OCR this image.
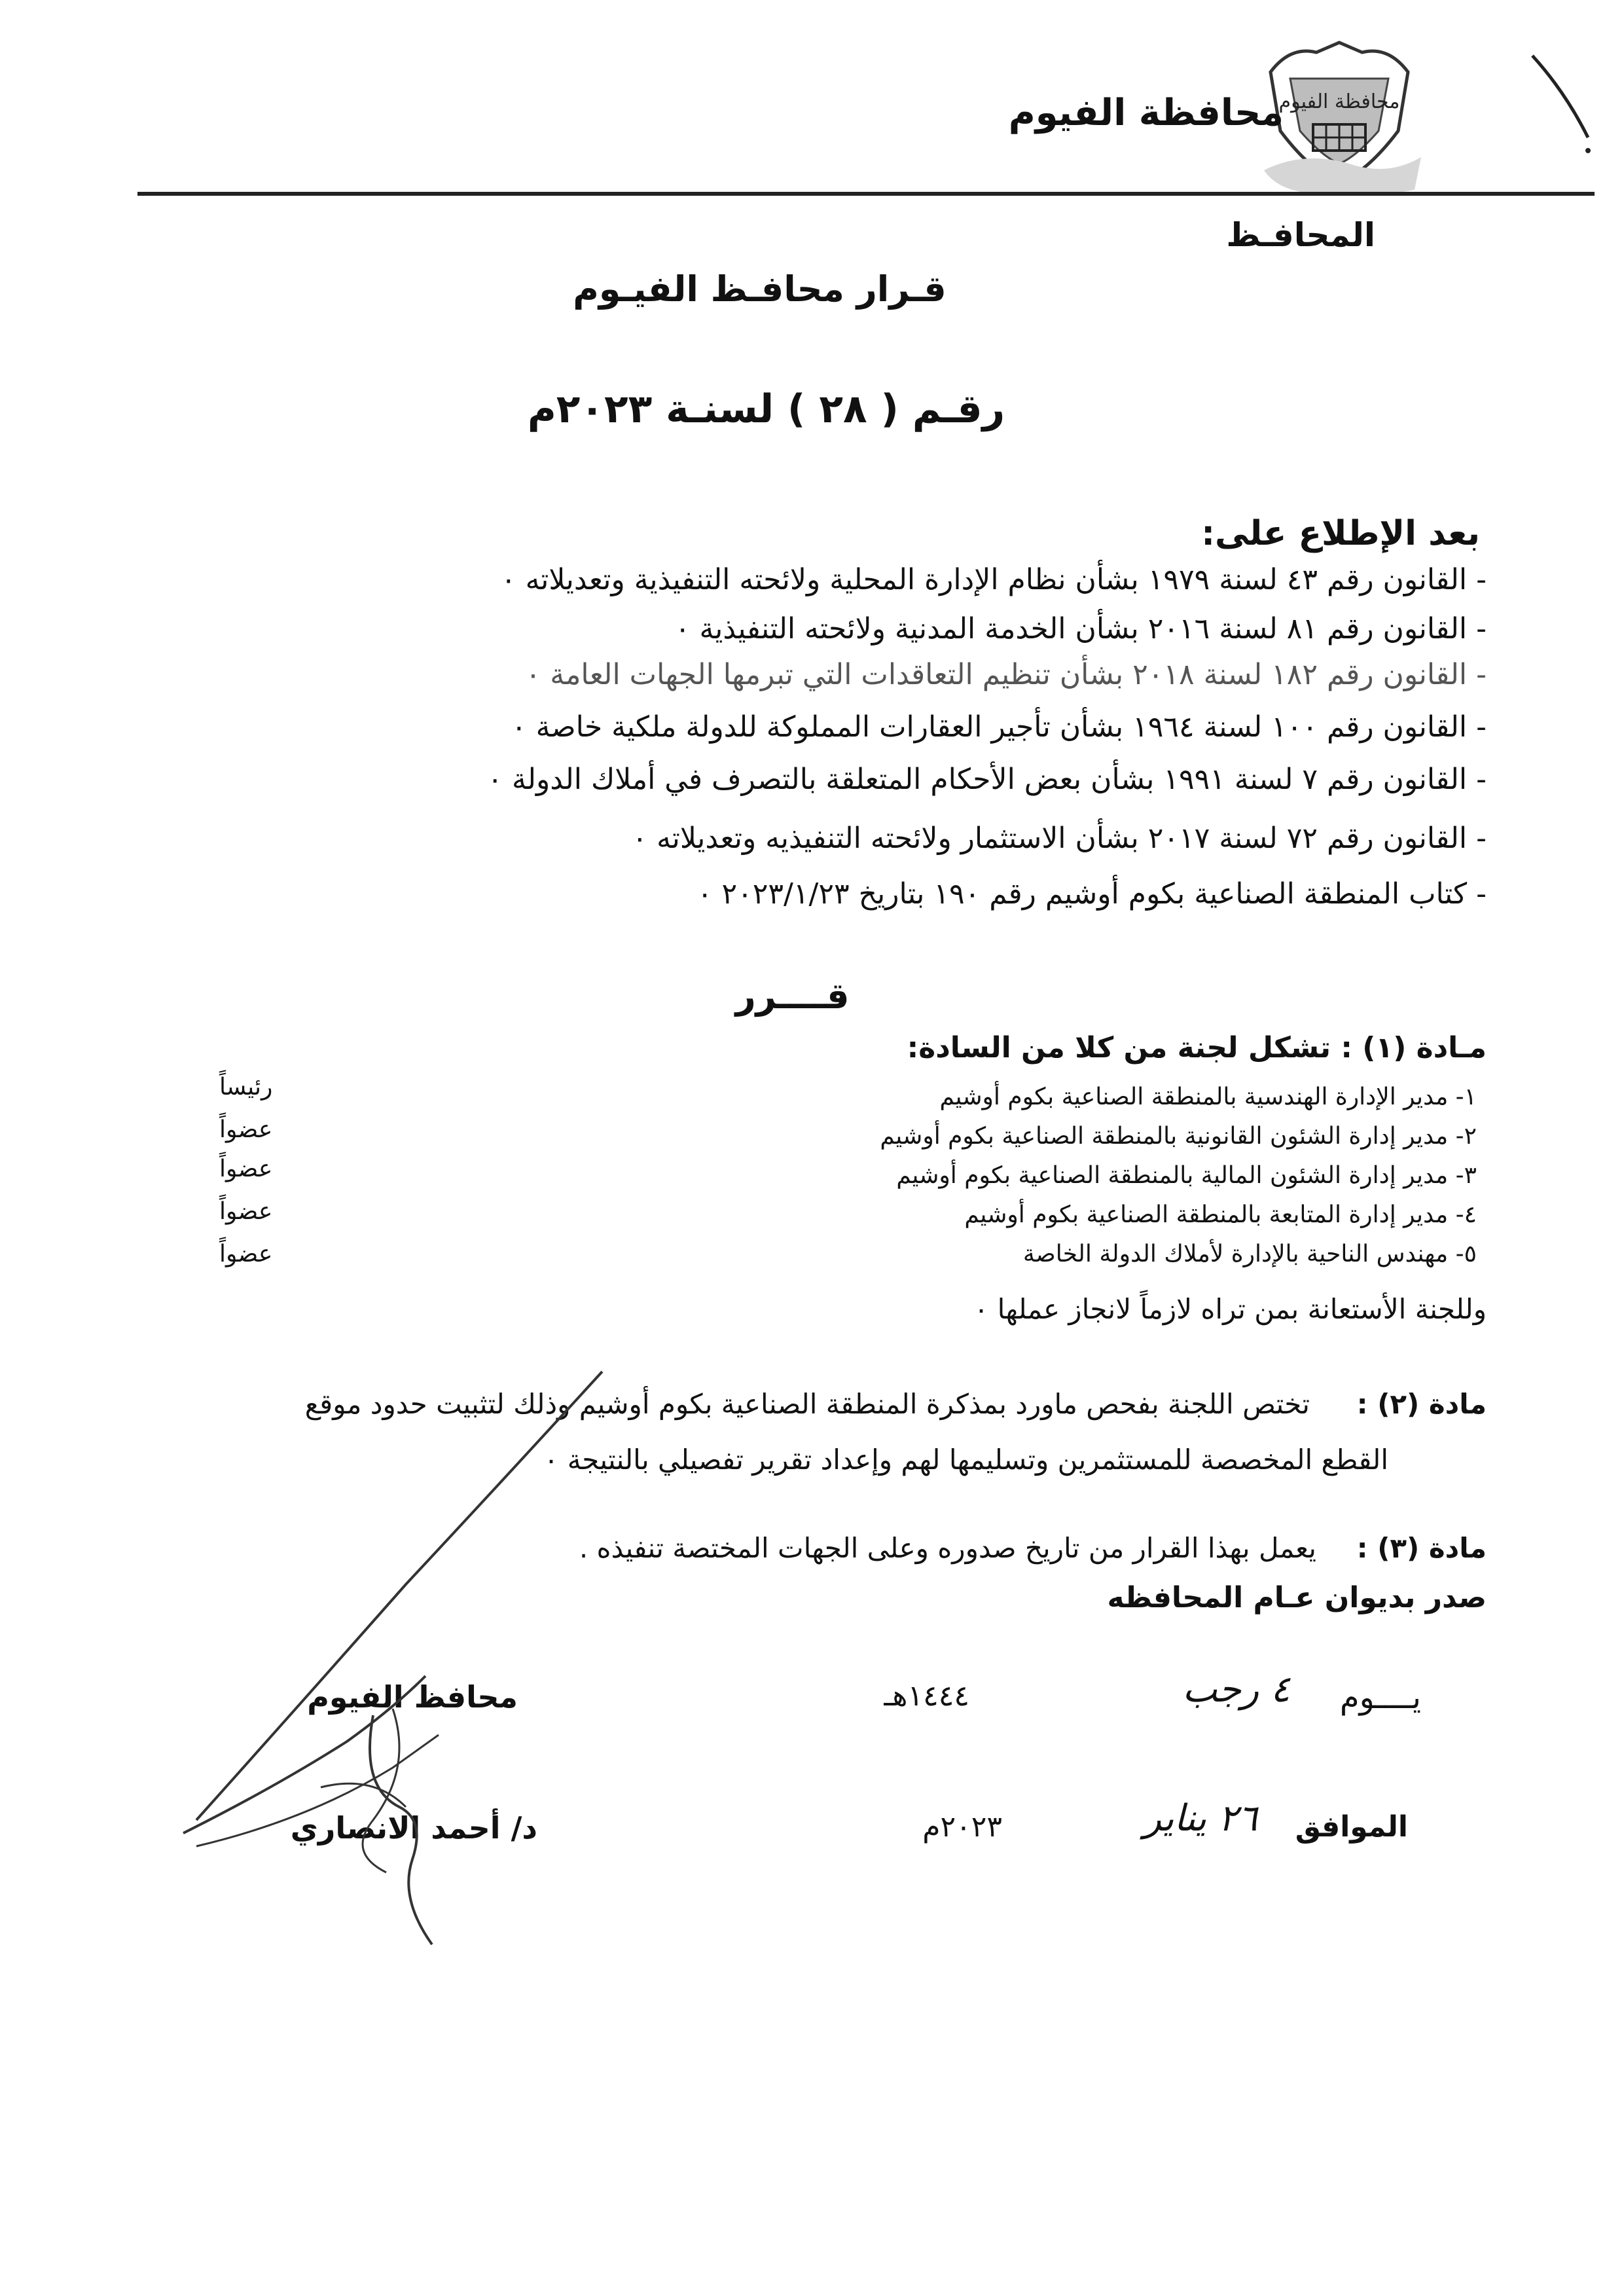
محافظة الفيوم
محافظة الفيوم
المحافـظ
قـرار محافـظ الفيـوم
رقـم ( ٢٨ ) لسنـة ٢٠٢٣م
بعد الإطلاع على:
- القانون رقم ٤٣ لسنة ١٩٧٩ بشأن نظام الإدارة المحلية ولائحته التنفيذية وتعديلاته ٠
- القانون رقم ٨١ لسنة ٢٠١٦ بشأن الخدمة المدنية ولائحته التنفيذية ٠
- القانون رقم ١٨٢ لسنة ٢٠١٨ بشأن تنظيم التعاقدات التي تبرمها الجهات العامة ٠
- القانون رقم ١٠٠ لسنة ١٩٦٤ بشأن تأجير العقارات المملوكة للدولة ملكية خاصة ٠
- القانون رقم ٧ لسنة ١٩٩١ بشأن بعض الأحكام المتعلقة بالتصرف في أملاك الدولة ٠
- القانون رقم ٧٢ لسنة ٢٠١٧ بشأن الاستثمار ولائحته التنفيذيه وتعديلاته ٠
- كتاب المنطقة الصناعية بكوم أوشيم رقم ١٩٠ بتاريخ ٢٠٢٣/١/٢٣ ٠
قــــرر
مـادة (١) : تشكل لجنة من كلا من السادة:
١- مدير الإدارة الهندسية بالمنطقة الصناعية بكوم أوشيم
رئيساً
٢- مدير إدارة الشئون القانونية بالمنطقة الصناعية بكوم أوشيم
عضواً
٣- مدير إدارة الشئون المالية بالمنطقة الصناعية بكوم أوشيم
عضواً
٤- مدير إدارة المتابعة بالمنطقة الصناعية بكوم أوشيم
عضواً
٥- مهندس الناحية بالإدارة لأملاك الدولة الخاصة
عضواً
وللجنة الأستعانة بمن تراه لازماً لانجاز عملها ٠
مادة (٢) :
تختص اللجنة بفحص ماورد بمذكرة المنطقة الصناعية بكوم أوشيم وذلك لتثبيت حدود موقع
القطع المخصصة للمستثمرين وتسليمها لهم وإعداد تقرير تفصيلي بالنتيجة ٠
مادة (٣) :
يعمل بهذا القرار من تاريخ صدوره وعلى الجهات المختصة تنفيذه .
صدر بديوان عـام المحافظه
يــــوم
٤ رجب
١٤٤٤هـ
الموافق
٢٦ يناير
٢٠٢٣م
محافظ الفيوم
د/ أحمد الانصاري
